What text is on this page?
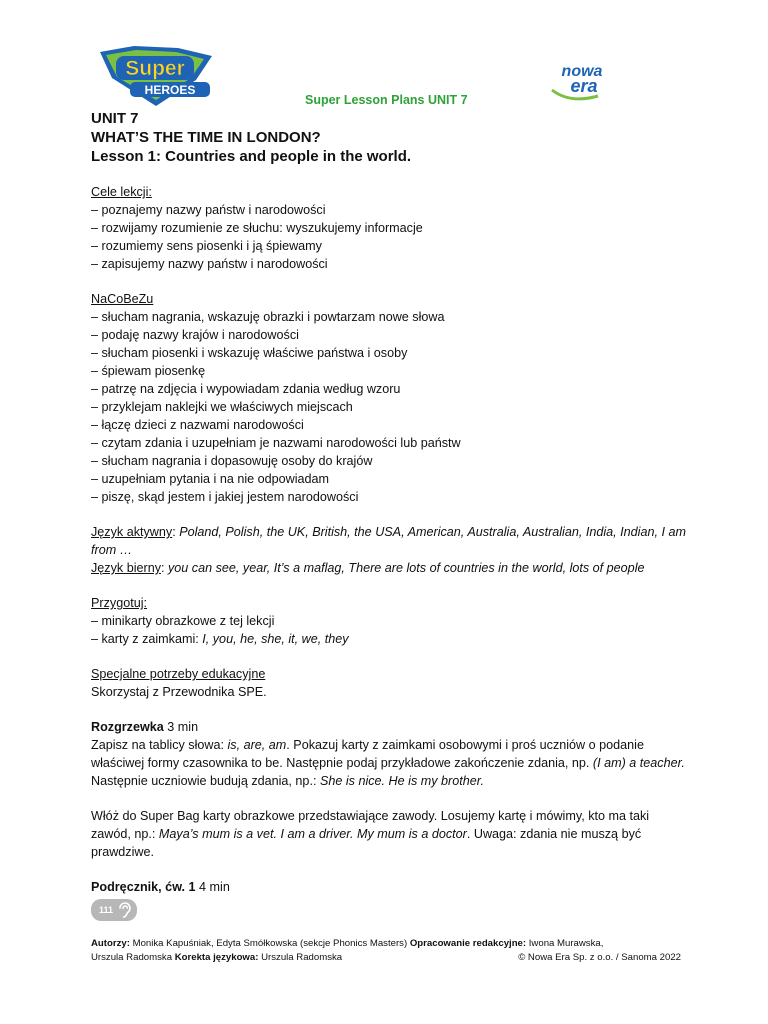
Super
HEROES
nowa
era
Super Lesson Plans UNIT 7

UNIT 7

WHAT’S THE TIME IN LONDON?

Lesson 1: Countries and people in the world.

Cele lekcji:

– poznajemy nazwy państw i narodowości

– rozwijamy rozumienie ze słuchu: wyszukujemy informacje

– rozumiemy sens piosenki i ją śpiewamy

– zapisujemy nazwy państw i narodowości

NaCoBeZu

– słucham nagrania, wskazuję obrazki i powtarzam nowe słowa

– podaję nazwy krajów i narodowości

– słucham piosenki i wskazuję właściwe państwa i osoby

– śpiewam piosenkę

– patrzę na zdjęcia i wypowiadam zdania według wzoru

– przyklejam naklejki we właściwych miejscach

– łączę dzieci z nazwami narodowości

– czytam zdania i uzupełniam je nazwami narodowości lub państw

– słucham nagrania i dopasowuję osoby do krajów

– uzupełniam pytania i na nie odpowiadam

– piszę, skąd jestem i jakiej jestem narodowości

Język aktywny: Poland, Polish, the UK, British, the USA, American, Australia, Australian, India, Indian, I am from …

Język bierny: you can see, year, It’s a maflag, There are lots of countries in the world, lots of people

Przygotuj:

– minikarty obrazkowe z tej lekcji

– karty z zaimkami: I, you, he, she, it, we, they

Specjalne potrzeby edukacyjne

Skorzystaj z Przewodnika SPE.

Rozgrzewka 3 min

Zapisz na tablicy słowa: is, are, am. Pokazuj karty z zaimkami osobowymi i proś uczniów o podanie właściwej formy czasownika to be. Następnie podaj przykładowe zakończenie zdania, np. (I am) a teacher. Następnie uczniowie budują zdania, np.: She is nice. He is my brother.

Włóż do Super Bag karty obrazkowe przedstawiające zawody. Losujemy kartę i mówimy, kto ma taki zawód, np.: Maya’s mum is a vet. I am a driver. My mum is a doctor. Uwaga: zdania nie muszą być prawdziwe.

Podręcznik, ćw. 1 4 min

111
Autorzy: Monika Kapuśniak, Edyta Smółkowska (sekcje Phonics Masters) Opracowanie redakcyjne: Iwona Murawska,
Urszula Radomska Korekta językowa: Urszula Radomska	© Nowa Era Sp. z o.o. / Sanoma 2022
